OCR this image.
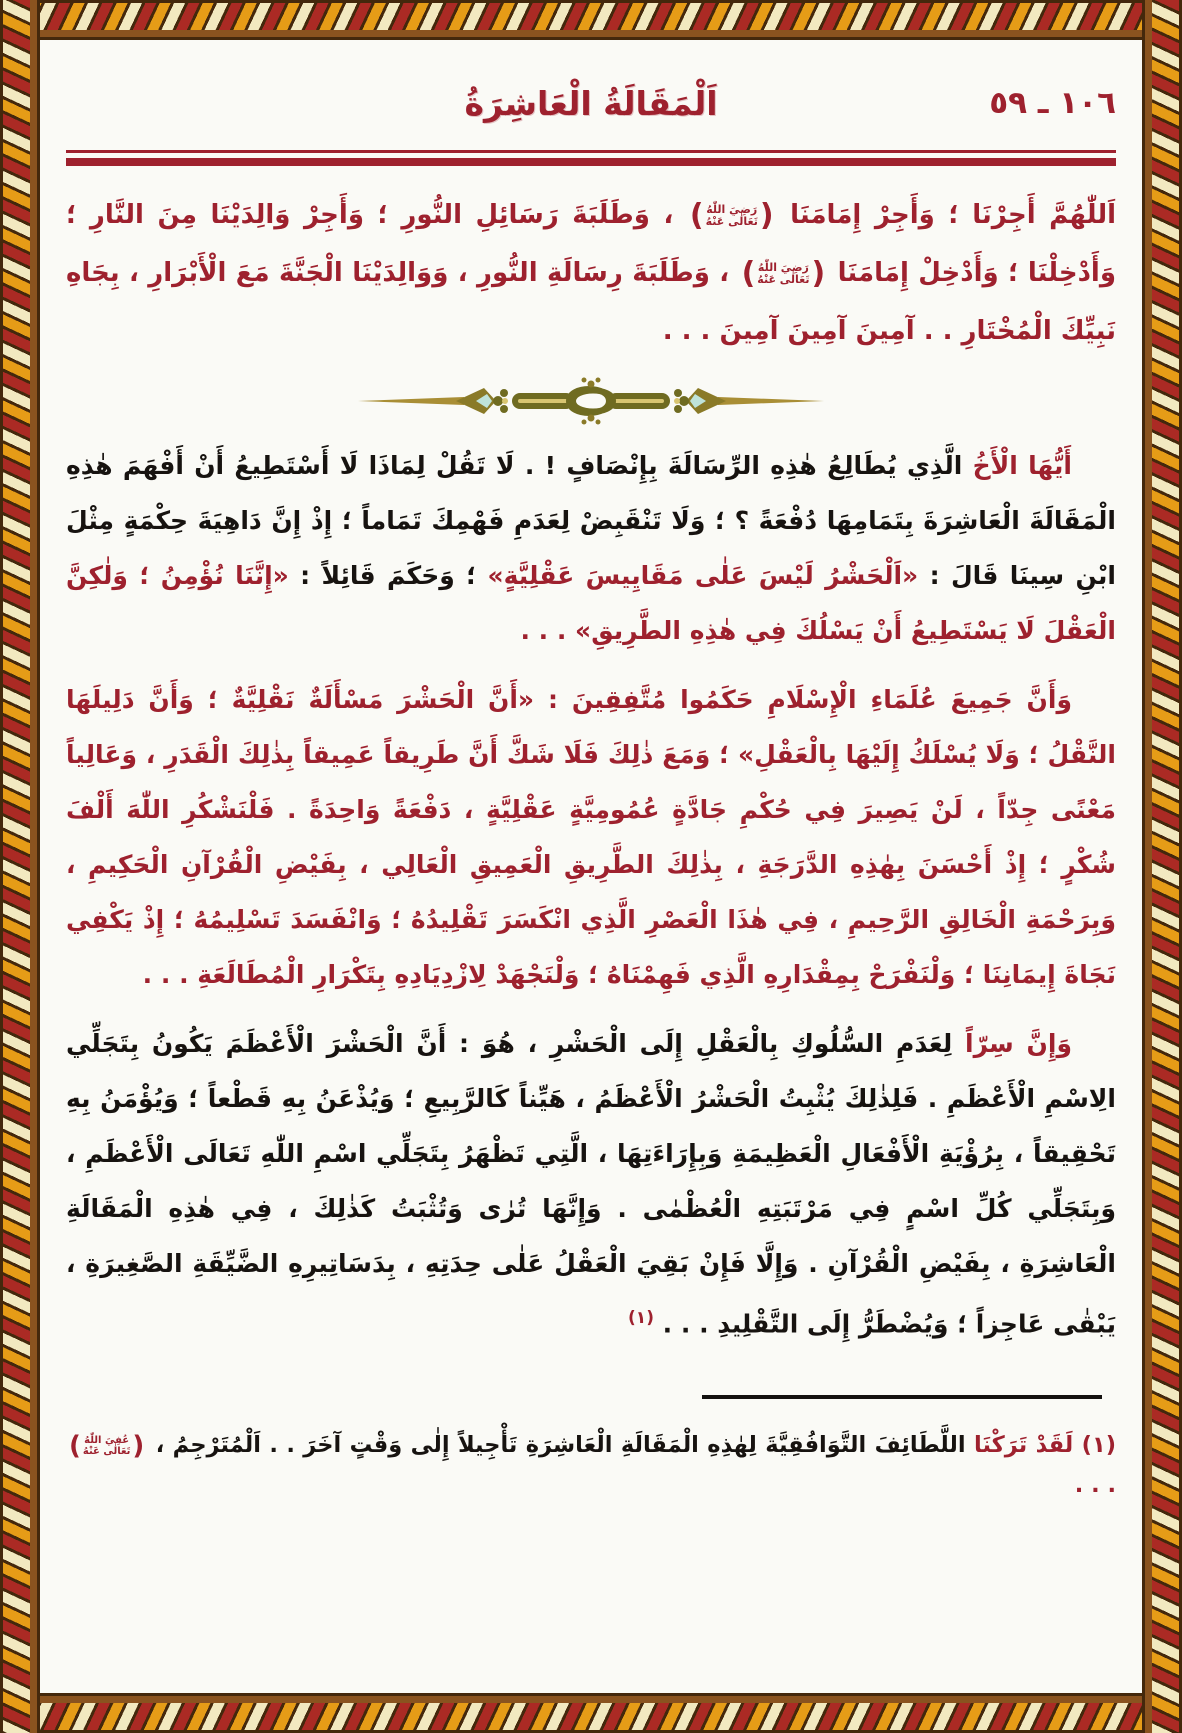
١٠٦ ـ ٥٩
اَلْمَقَالَةُ الْعَاشِرَةُ

اَللّٰهُمَّ أَجِرْنَا ؛ وَأَجِرْ إِمَامَنَا
(
رَضِيَ اللّٰهُ
تَعَالٰى عَنْهُ
)
، وَطَلَبَةَ رَسَائِلِ النُّورِ ؛ وَأَجِرْ وَالِدَيْنَا مِنَ النَّارِ ؛ وَأَدْخِلْنَا ؛ وَأَدْخِلْ إِمَامَنَا
(
رَضِيَ اللّٰهُ
تَعَالٰى عَنْهُ
)
، وَطَلَبَةَ رِسَالَةِ النُّورِ ، وَوَالِدَيْنَا الْجَنَّةَ مَعَ الْأَبْرَارِ ، بِجَاهِ نَبِيِّكَ الْمُخْتَارِ . . آمِينَ آمِينَ آمِينَ . . .

أَيُّهَا الْأَخُ الَّذِي يُطَالِعُ هٰذِهِ الرِّسَالَةَ بِإِنْصَافٍ ! . لَا تَقُلْ لِمَاذَا لَا أَسْتَطِيعُ أَنْ أَفْهَمَ هٰذِهِ الْمَقَالَةَ الْعَاشِرَةَ بِتَمَامِهَا دُفْعَةً ؟ ؛ وَلَا تَنْقَبِضْ لِعَدَمِ فَهْمِكَ تَمَاماً ؛ إِذْ إِنَّ دَاهِيَةَ حِكْمَةٍ مِثْلَ ابْنِ سِينَا قَالَ : «اَلْحَشْرُ لَيْسَ عَلٰى مَقَايِيسَ عَقْلِيَّةٍ» ؛ وَحَكَمَ قَائِلاً : «إِنَّنَا نُؤْمِنُ ؛ وَلٰكِنَّ الْعَقْلَ لَا يَسْتَطِيعُ أَنْ يَسْلُكَ فِي هٰذِهِ الطَّرِيقِ» . . .

وَأَنَّ جَمِيعَ عُلَمَاءِ الْإِسْلَامِ حَكَمُوا مُتَّفِقِينَ : «أَنَّ الْحَشْرَ مَسْأَلَةٌ نَقْلِيَّةٌ ؛ وَأَنَّ دَلِيلَهَا النَّقْلُ ؛ وَلَا يُسْلَكُ إِلَيْهَا بِالْعَقْلِ» ؛ وَمَعَ ذٰلِكَ فَلَا شَكَّ أَنَّ طَرِيقاً عَمِيقاً بِذٰلِكَ الْقَدَرِ ، وَعَالِياً مَعْنًى جِدّاً ، لَنْ يَصِيرَ فِي حُكْمِ جَادَّةٍ عُمُومِيَّةٍ عَقْلِيَّةٍ ، دَفْعَةً وَاحِدَةً . فَلْنَشْكُرِ اللّٰهَ أَلْفَ شُكْرٍ ؛ إِذْ أَحْسَنَ بِهٰذِهِ الدَّرَجَةِ ، بِذٰلِكَ الطَّرِيقِ الْعَمِيقِ الْعَالِي ، بِفَيْضِ الْقُرْآنِ الْحَكِيمِ ، وَبِرَحْمَةِ الْخَالِقِ الرَّحِيمِ ، فِي هٰذَا الْعَصْرِ الَّذِي انْكَسَرَ تَقْلِيدُهُ ؛ وَانْفَسَدَ تَسْلِيمُهُ ؛ إِذْ يَكْفِي نَجَاةَ إِيمَانِنَا ؛ وَلْنَفْرَحْ بِمِقْدَارِهِ الَّذِي فَهِمْنَاهُ ؛ وَلْنَجْهَدْ لِازْدِيَادِهِ بِتَكْرَارِ الْمُطَالَعَةِ . . .

وَإِنَّ سِرّاً لِعَدَمِ السُّلُوكِ بِالْعَقْلِ إِلَى الْحَشْرِ ، هُوَ : أَنَّ الْحَشْرَ الْأَعْظَمَ يَكُونُ بِتَجَلِّي الِاسْمِ الْأَعْظَمِ . فَلِذٰلِكَ يُثْبِتُ الْحَشْرُ الْأَعْظَمُ ، هَيِّناً كَالرَّبِيعِ ؛ وَيُذْعَنُ بِهِ قَطْعاً ؛ وَيُؤْمَنُ بِهِ تَحْقِيقاً ، بِرُؤْيَةِ الْأَفْعَالِ الْعَظِيمَةِ وَبِإِرَاءَتِهَا ، الَّتِي تَظْهَرُ بِتَجَلِّي اسْمِ اللّٰهِ تَعَالَى الْأَعْظَمِ ، وَبِتَجَلِّي كُلِّ اسْمٍ فِي مَرْتَبَتِهِ الْعُظْمٰى . وَإِنَّهَا تُرٰى وَتُثْبَتُ كَذٰلِكَ ، فِي هٰذِهِ الْمَقَالَةِ الْعَاشِرَةِ ، بِفَيْضِ الْقُرْآنِ . وَإِلَّا فَإِنْ بَقِيَ الْعَقْلُ عَلٰى حِدَتِهِ ، بِدَسَاتِيرِهِ الضَّيِّقَةِ الصَّغِيرَةِ ، يَبْقٰى عَاجِزاً ؛ وَيُضْطَرُّ إِلَى التَّقْلِيدِ . . . $^{(١)}$

(١) لَقَدْ تَرَكْنَا اللَّطَائِفَ التَّوَافُقِيَّةَ لِهٰذِهِ الْمَقَالَةِ الْعَاشِرَةِ تَأْجِيلاً إِلٰى وَقْتٍ آخَرَ . . اَلْمُتَرْجِمُ ،
(
عُفِيَ اللّٰهُ
تَعَالٰى عَنْهُ
)
. . .
